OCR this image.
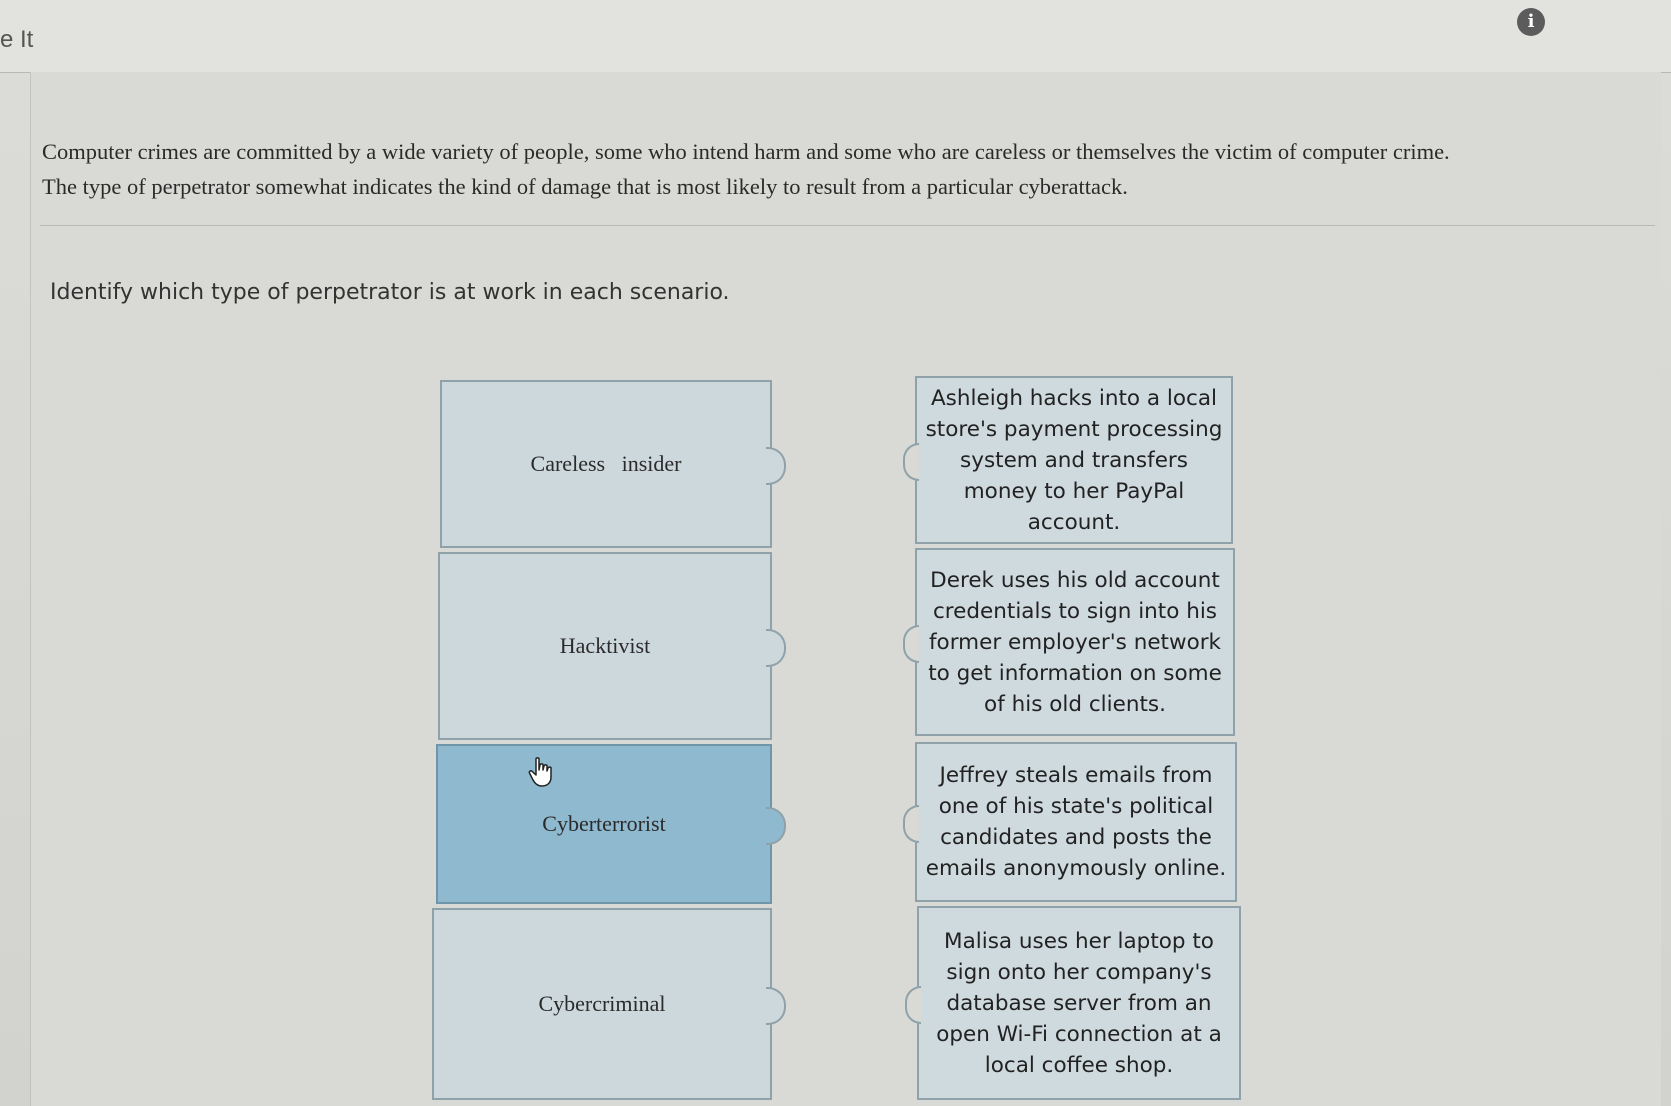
e It
i
Computer crimes are committed by a wide variety of people, some who intend harm and some who are careless or themselves the victim of computer crime.
The type of perpetrator somewhat indicates the kind of damage that is most likely to result from a particular cyberattack.
Identify which type of perpetrator is at work in each scenario.
Careless   insider
Hacktivist
Cyberterrorist
Cybercriminal
Ashleigh hacks into a local store's payment processing system and transfers money to her PayPal account.
Derek uses his old account credentials to sign into his former employer's network to get information on some of his old clients.
Jeffrey steals emails from one of his state's political candidates and posts the emails anonymously online.
Malisa uses her laptop to sign onto her company's database server from an open Wi-Fi connection at a local coffee shop.
